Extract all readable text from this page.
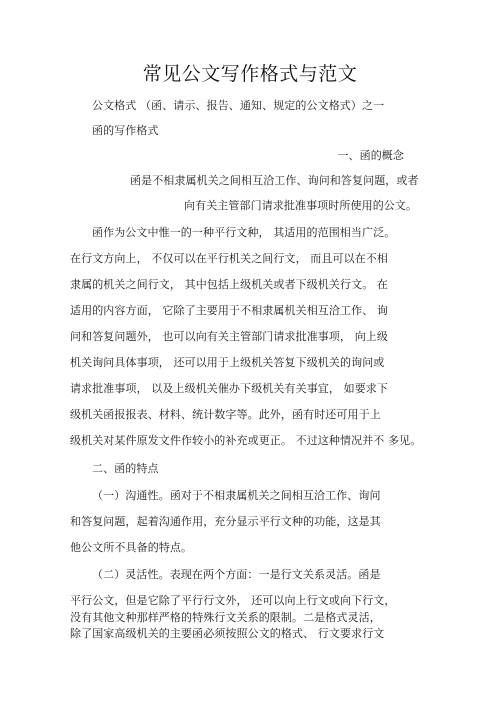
常见公文写作格式与范文
公文格式 （函、请示、报告、通知、规定的公文格式）之一
函的写作格式
一、函的概念
函是不相隶属机关之间相互洽工作、询问和答复问题，或者
向有关主管部门请求批准事项时所使用的公文。
函作为公文中惟一的一种平行文种， 其适用的范围相当广泛。
在行文方向上， 不仅可以在平行机关之间行文， 而且可以在不相
隶属的机关之间行文， 其中包括上级机关或者下级机关行文。 在
适用的内容方面， 它除了主要用于不相隶属机关相互洽工作、 询
问和答复问题外， 也可以向有关主管部门请求批准事项， 向上级
机关询问具体事项， 还可以用于上级机关答复下级机关的询问或
请求批准事项， 以及上级机关催办下级机关有关事宜， 如要求下
级机关函报报表、材料、统计数字等。此外，函有时还可用于上
级机关对某件原发文件作较小的补充或更正。 不过这种情况并不 多见。
二、函的特点
（一）沟通性。函对于不相隶属机关之间相互洽工作、询问
和答复问题，起着沟通作用，充分显示平行文种的功能，这是其
他公文所不具备的特点。
（二）灵活性。表现在两个方面：一是行文关系灵活。函是
平行公文，但是它除了平行行文外， 还可以向上行文或向下行文，
没有其他文种那样严格的特殊行文关系的限制。二是格式灵活，
除了国家高级机关的主要函必须按照公文的格式、 行文要求行文
